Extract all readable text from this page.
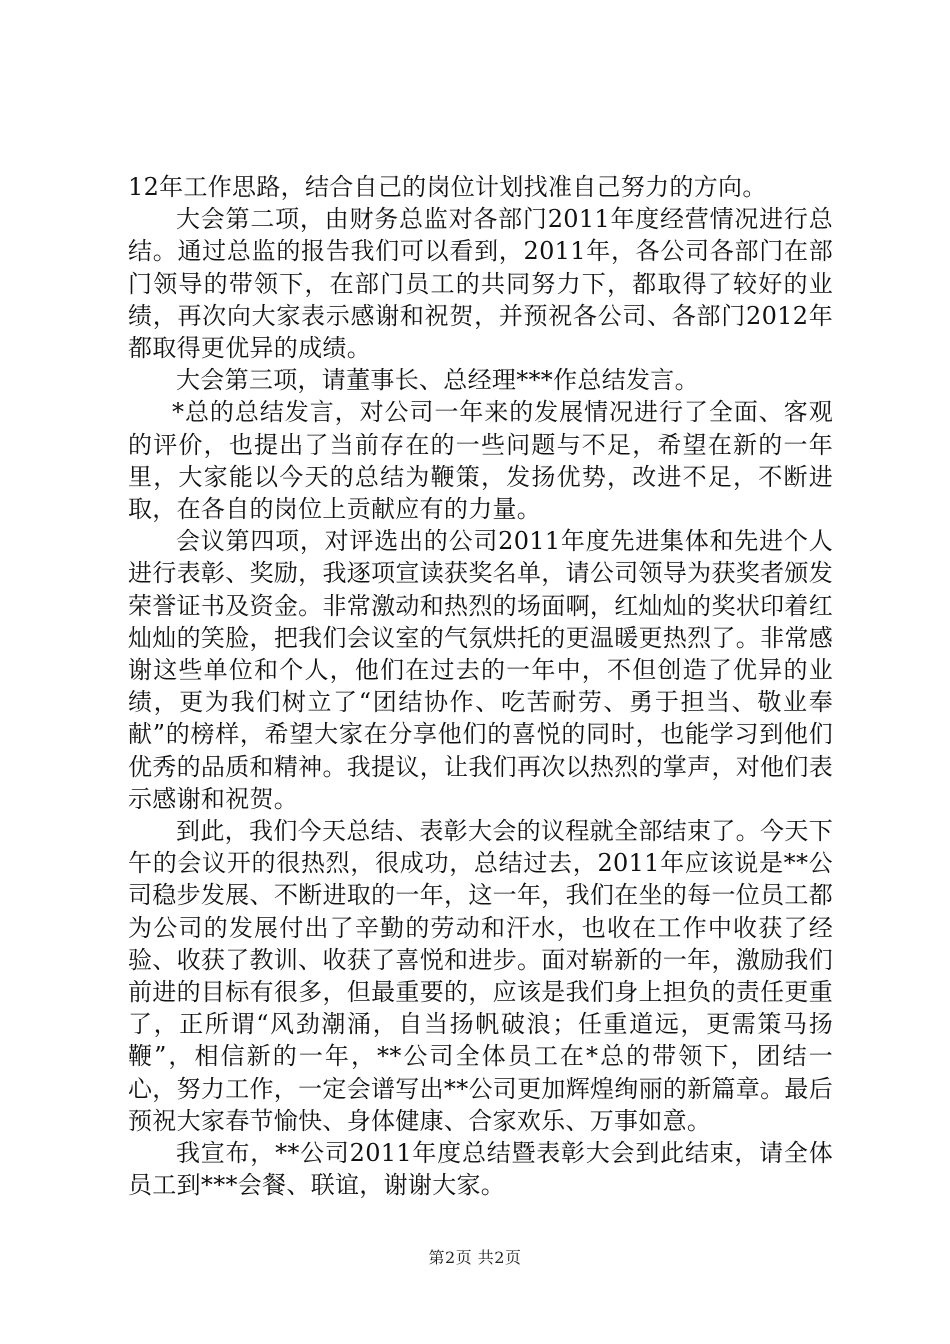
12年工作思路，结合自己的岗位计划找准自己努力的方向。

大会第二项，由财务总监对各部门2011年度经营情况进行总结。通过总监的报告我们可以看到，2011年，各公司各部门在部门领导的带领下，在部门员工的共同努力下，都取得了较好的业绩，再次向大家表示感谢和祝贺，并预祝各公司、各部门2012年都取得更优异的成绩。

大会第三项，请董事长、总经理***作总结发言。

*总的总结发言，对公司一年来的发展情况进行了全面、客观的评价，也提出了当前存在的一些问题与不足，希望在新的一年里，大家能以今天的总结为鞭策，发扬优势，改进不足，不断进取，在各自的岗位上贡献应有的力量。

会议第四项，对评选出的公司2011年度先进集体和先进个人进行表彰、奖励，我逐项宣读获奖名单，请公司领导为获奖者颁发荣誉证书及资金。非常激动和热烈的场面啊，红灿灿的奖状印着红灿灿的笑脸，把我们会议室的气氛烘托的更温暖更热烈了。非常感谢这些单位和个人，他们在过去的一年中，不但创造了优异的业绩，更为我们树立了“团结协作、吃苦耐劳、勇于担当、敬业奉献”的榜样，希望大家在分享他们的喜悦的同时，也能学习到他们优秀的品质和精神。我提议，让我们再次以热烈的掌声，对他们表示感谢和祝贺。

到此，我们今天总结、表彰大会的议程就全部结束了。今天下午的会议开的很热烈，很成功，总结过去，2011年应该说是**公司稳步发展、不断进取的一年，这一年，我们在坐的每一位员工都为公司的发展付出了辛勤的劳动和汗水，也收在工作中收获了经验、收获了教训、收获了喜悦和进步。面对崭新的一年，激励我们前进的目标有很多，但最重要的，应该是我们身上担负的责任更重了，正所谓“风劲潮涌，自当扬帆破浪；任重道远，更需策马扬鞭”，相信新的一年，**公司全体员工在*总的带领下，团结一心，努力工作，一定会谱写出**公司更加辉煌绚丽的新篇章。最后预祝大家春节愉快、身体健康、合家欢乐、万事如意。

我宣布，**公司2011年度总结暨表彰大会到此结束，请全体员工到***会餐、联谊，谢谢大家。

第2页 共2页
